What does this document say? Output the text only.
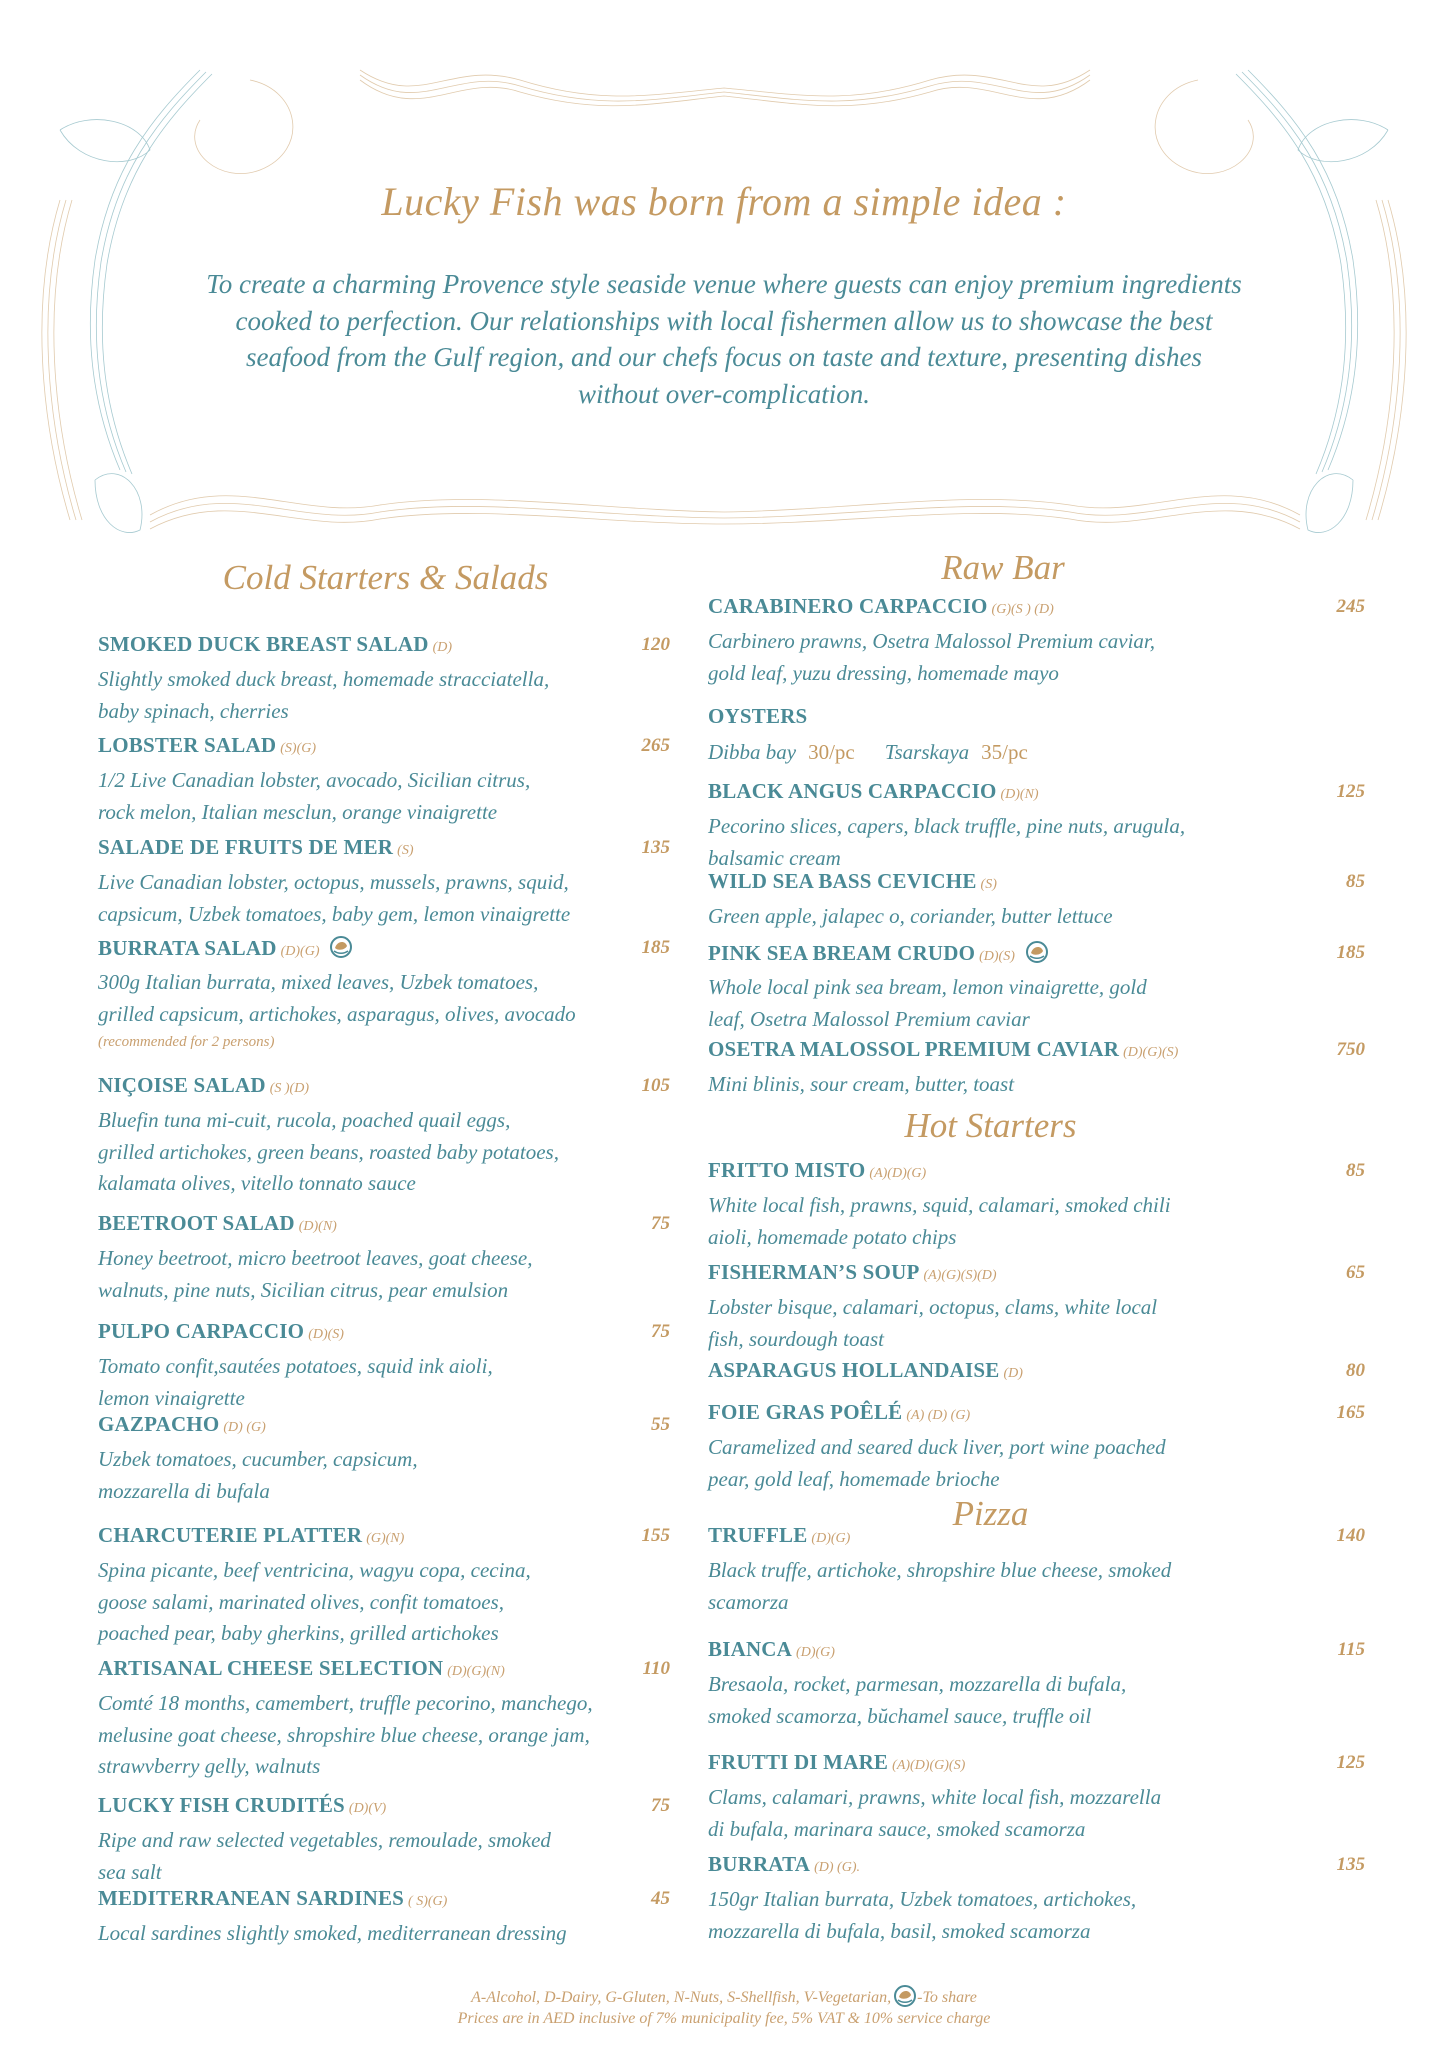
Lucky Fish was born from a simple idea :
To create a charming Provence style seaside venue where guests can enjoy premium ingredients
cooked to perfection. Our relationships with local fishermen allow us to showcase the best
seafood from the Gulf region, and our chefs focus on taste and texture, presenting dishes
without over-complication.
Cold Starters & Salads	Raw Bar
Hot Starters
Pizza
SMOKED DUCK BREAST SALAD (D)	120
Slightly smoked duck breast, homemade stracciatella,
baby spinach, cherries
LOBSTER SALAD (S)(G)	265
1/2 Live Canadian lobster, avocado, Sicilian citrus,
rock melon, Italian mesclun, orange vinaigrette
SALADE DE FRUITS DE MER (S)	135
Live Canadian lobster, octopus, mussels, prawns, squid,
capsicum, Uzbek tomatoes, baby gem, lemon vinaigrette
BURRATA SALAD (D)(G)	185
300g Italian burrata, mixed leaves, Uzbek tomatoes,
grilled capsicum, artichokes, asparagus, olives, avocado
(recommended for 2 persons)
NIÇOISE SALAD (S )(D)	105
Bluefin tuna mi-cuit, rucola, poached quail eggs,
grilled artichokes, green beans, roasted baby potatoes,
kalamata olives, vitello tonnato sauce
BEETROOT SALAD (D)(N)	75
Honey beetroot, micro beetroot leaves, goat cheese,
walnuts, pine nuts, Sicilian citrus, pear emulsion
PULPO CARPACCIO (D)(S)	75
Tomato confit,sautées potatoes, squid ink aioli,
lemon vinaigrette
GAZPACHO (D) (G)	55
Uzbek tomatoes, cucumber, capsicum,
mozzarella di bufala
CHARCUTERIE PLATTER (G)(N)	155
Spina picante, beef ventricina, wagyu copa, cecina,
goose salami, marinated olives, confit tomatoes,
poached pear, baby gherkins, grilled artichokes
ARTISANAL CHEESE SELECTION (D)(G)(N)	110
Comté 18 months, camembert, truffle pecorino, manchego,
melusine goat cheese, shropshire blue cheese, orange jam,
strawvberry gelly, walnuts
LUCKY FISH CRUDITÉS (D)(V)	75
Ripe and raw selected vegetables, remoulade, smoked
sea salt
MEDITERRANEAN SARDINES ( S)(G)	45
Local sardines slightly smoked, mediterranean dressing
CARABINERO CARPACCIO (G)(S ) (D)	245
Carbinero prawns, Osetra Malossol Premium caviar,
gold leaf, yuzu dressing, homemade mayo
OYSTERS
Dibba bay 30/pc Tsarskaya 35/pc
BLACK ANGUS CARPACCIO (D)(N)	125
Pecorino slices, capers, black truffle, pine nuts, arugula,
balsamic cream
WILD SEA BASS CEVICHE (S)	85
Green apple, jalapec o, coriander, butter lettuce
PINK SEA BREAM CRUDO (D)(S)	185
Whole local pink sea bream, lemon vinaigrette, gold
leaf, Osetra Malossol Premium caviar
OSETRA MALOSSOL PREMIUM CAVIAR (D)(G)(S)	750
Mini blinis, sour cream, butter, toast
FRITTO MISTO (A)(D)(G)	85
White local fish, prawns, squid, calamari, smoked chili
aioli, homemade potato chips
FISHERMAN’S SOUP (A)(G)(S)(D)	65
Lobster bisque, calamari, octopus, clams, white local
fish, sourdough toast
ASPARAGUS HOLLANDAISE (D)	80
FOIE GRAS POÊLÉ (A) (D) (G)	165
Caramelized and seared duck liver, port wine poached
pear, gold leaf, homemade brioche
TRUFFLE (D)(G)	140
Black truffe, artichoke, shropshire blue cheese, smoked
scamorza
BIANCA (D)(G)	115
Bresaola, rocket, parmesan, mozzarella di bufala,
smoked scamorza, bŭchamel sauce, truffle oil
FRUTTI DI MARE (A)(D)(G)(S)	125
Clams, calamari, prawns, white local fish, mozzarella
di bufala, marinara sauce, smoked scamorza
BURRATA (D) (G).	135
150gr Italian burrata, Uzbek tomatoes, artichokes,
mozzarella di bufala, basil, smoked scamorza
A-Alcohol, D-Dairy, G-Gluten, N-Nuts, S-Shellfish, V-Vegetarian, -To share
Prices are in AED inclusive of 7% municipality fee, 5% VAT & 10% service charge
